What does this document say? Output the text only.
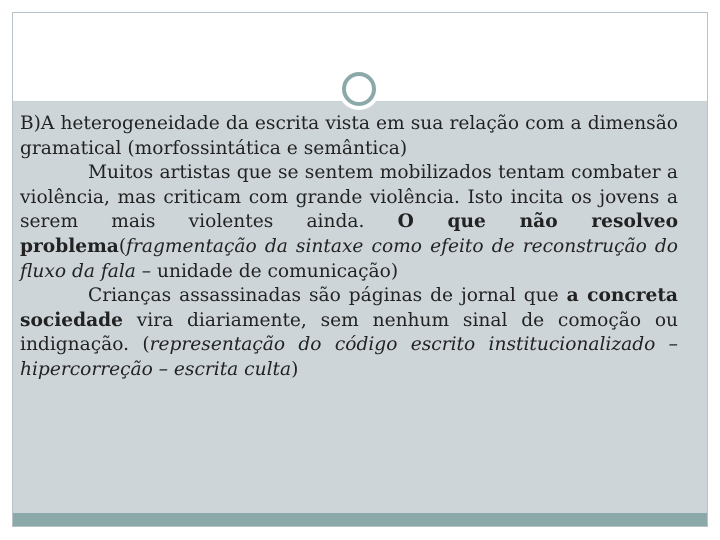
B)A heterogeneidade da escrita vista em sua relação com a dimensão gramatical (morfossintática e semântica)

Muitos artistas que se sentem mobilizados tentam combater a violência, mas criticam com grande violência. Isto incita os jovens a serem mais violentes ainda. O que não resolveo problema(fragmentação da sintaxe como efeito de reconstrução do fluxo da fala – unidade de comunicação)

Crianças assassinadas são páginas de jornal que a concreta sociedade vira diariamente, sem nenhum sinal de comoção ou indignação. (representação do código escrito institucionalizado – hipercorreção – escrita culta)
